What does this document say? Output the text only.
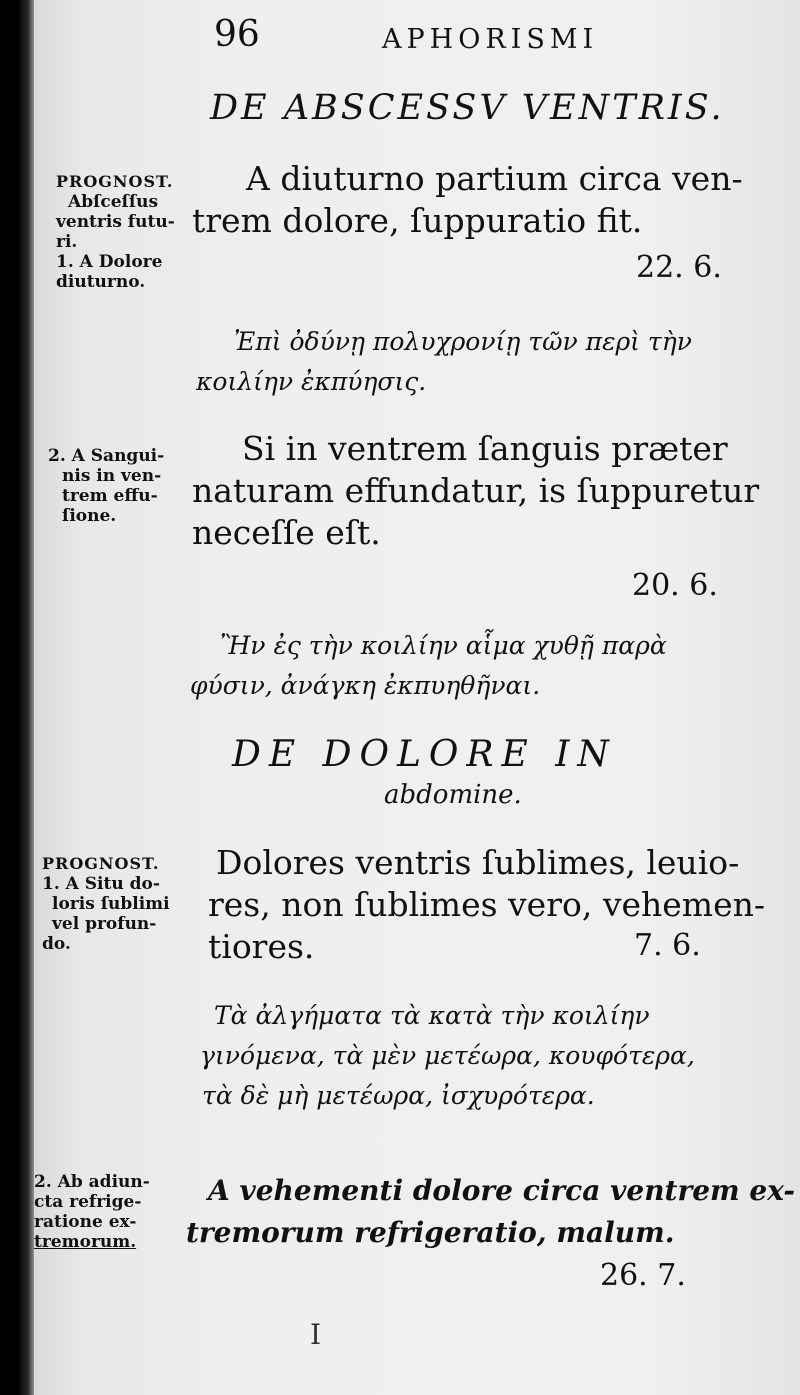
96	APHORISMI
DE ABSCESSV VENTRIS.
PROGNOST.
Abſceſſus
ventris futu-
ri.
1. A Dolore
diuturno.
A diuturno partium circa ven-
trem dolore, ſuppuratio fit.
22. 6.
Ἐπὶ ὀδύνῃ πολυχρονίῃ τῶν περὶ τὴν
κοιλίην ἐκπύησις.
2. A Sangui-
nis in ven-
trem effu-
ſione.
Si in ventrem ſanguis præter
naturam effundatur, is ſuppuretur
neceſſe eſt.
20. 6.
Ἢν ἐς τὴν κοιλίην αἷμα χυθῇ παρὰ
φύσιν, ἀνάγκη ἐκπυηθῆναι.
DE DOLORE IN
abdomine.
PROGNOST.
1. A Situ do-
loris ſublimi
vel profun-
do.
Dolores ventris ſublimes, leuio-
res, non ſublimes vero, vehemen-
tiores.	7. 6.
Τὰ ἀλγήματα τὰ κατὰ τὴν κοιλίην
γινόμενα, τὰ μὲν μετέωρα, κουφότερα,
τὰ δὲ μὴ μετέωρα, ἰσχυρότερα.
2. Ab adiun-
cta refrige-
ratione ex-
tremorum.
A vehementi dolore circa ventrem ex-
tremorum refrigeratio, malum.
26. 7.
I
